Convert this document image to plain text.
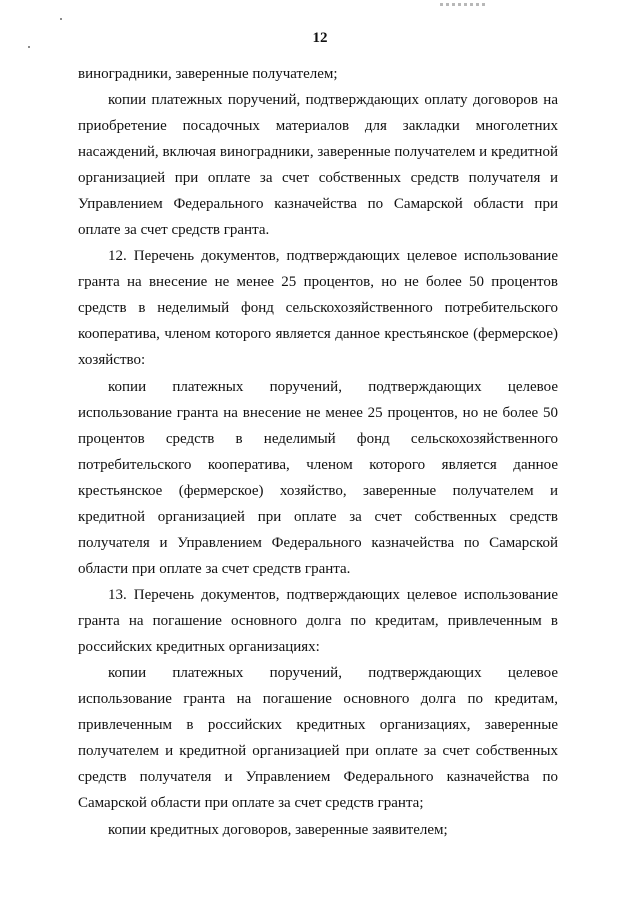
12
виноградники, заверенные получателем;
копии платежных поручений, подтверждающих оплату договоров на
приобретение посадочных материалов для закладки многолетних
насаждений, включая виноградники, заверенные получателем и кредитной
организацией при оплате за счет собственных средств получателя и
Управлением Федерального казначейства по Самарской области при
оплате за счет средств гранта.
12. Перечень документов, подтверждающих целевое использование
гранта на внесение не менее 25 процентов, но не более 50 процентов
средств в неделимый фонд сельскохозяйственного потребительского
кооператива, членом которого является данное крестьянское (фермерское)
хозяйство:
копии платежных поручений, подтверждающих целевое
использование гранта на внесение не менее 25 процентов, но не более 50
процентов средств в неделимый фонд сельскохозяйственного
потребительского кооператива, членом которого является данное
крестьянское (фермерское) хозяйство, заверенные получателем и
кредитной организацией при оплате за счет собственных средств
получателя и Управлением Федерального казначейства по Самарской
области при оплате за счет средств гранта.
13. Перечень документов, подтверждающих целевое использование
гранта на погашение основного долга по кредитам, привлеченным в
российских кредитных организациях:
копии платежных поручений, подтверждающих целевое
использование гранта на погашение основного долга по кредитам,
привлеченным в российских кредитных организациях, заверенные
получателем и кредитной организацией при оплате за счет собственных
средств получателя и Управлением Федерального казначейства по
Самарской области при оплате за счет средств гранта;
копии кредитных договоров, заверенные заявителем;
